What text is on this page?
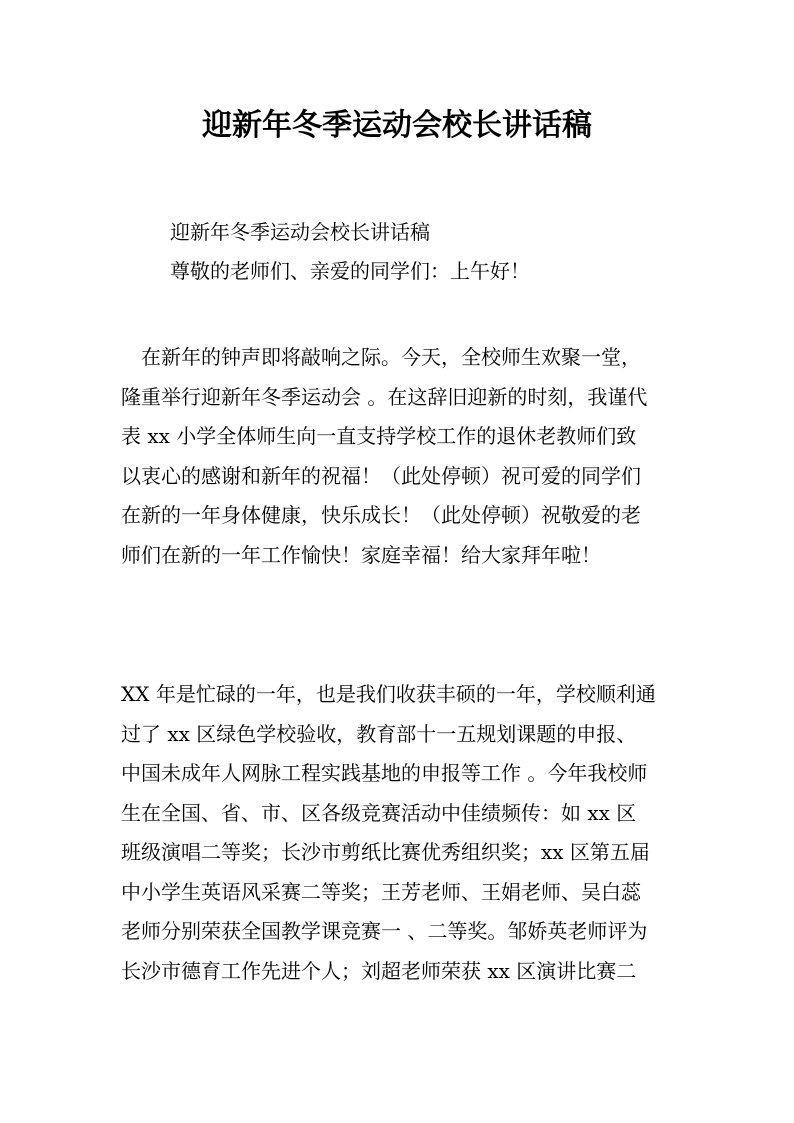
迎新年冬季运动会校长讲话稿

迎新年冬季运动会校长讲话稿

尊敬的老师们、亲爱的同学们：上午好！

　在新年的钟声即将敲响之际。今天，全校师生欢聚一堂，
隆重举行迎新年冬季运动会 。在这辞旧迎新的时刻，我谨代
表 xx 小学全体师生向一直支持学校工作的退休老教师们致
以衷心的感谢和新年的祝福！（此处停顿）祝可爱的同学们
在新的一年身体健康，快乐成长！（此处停顿）祝敬爱的老
师们在新的一年工作愉快！家庭幸福！给大家拜年啦！
XX 年是忙碌的一年，也是我们收获丰硕的一年，学校顺利通
过了 xx 区绿色学校验收，教育部十一五规划课题的申报、
中国未成年人网脉工程实践基地的申报等工作 。今年我校师
生在全国、省、市、区各级竞赛活动中佳绩频传：如 xx 区
班级演唱二等奖；长沙市剪纸比赛优秀组织奖；xx 区第五届
中小学生英语风采赛二等奖；王芳老师、王娟老师、吴白蕊
老师分别荣获全国教学课竞赛一 、二等奖。邹娇英老师评为
长沙市德育工作先进个人；刘超老师荣获 xx 区演讲比赛二
